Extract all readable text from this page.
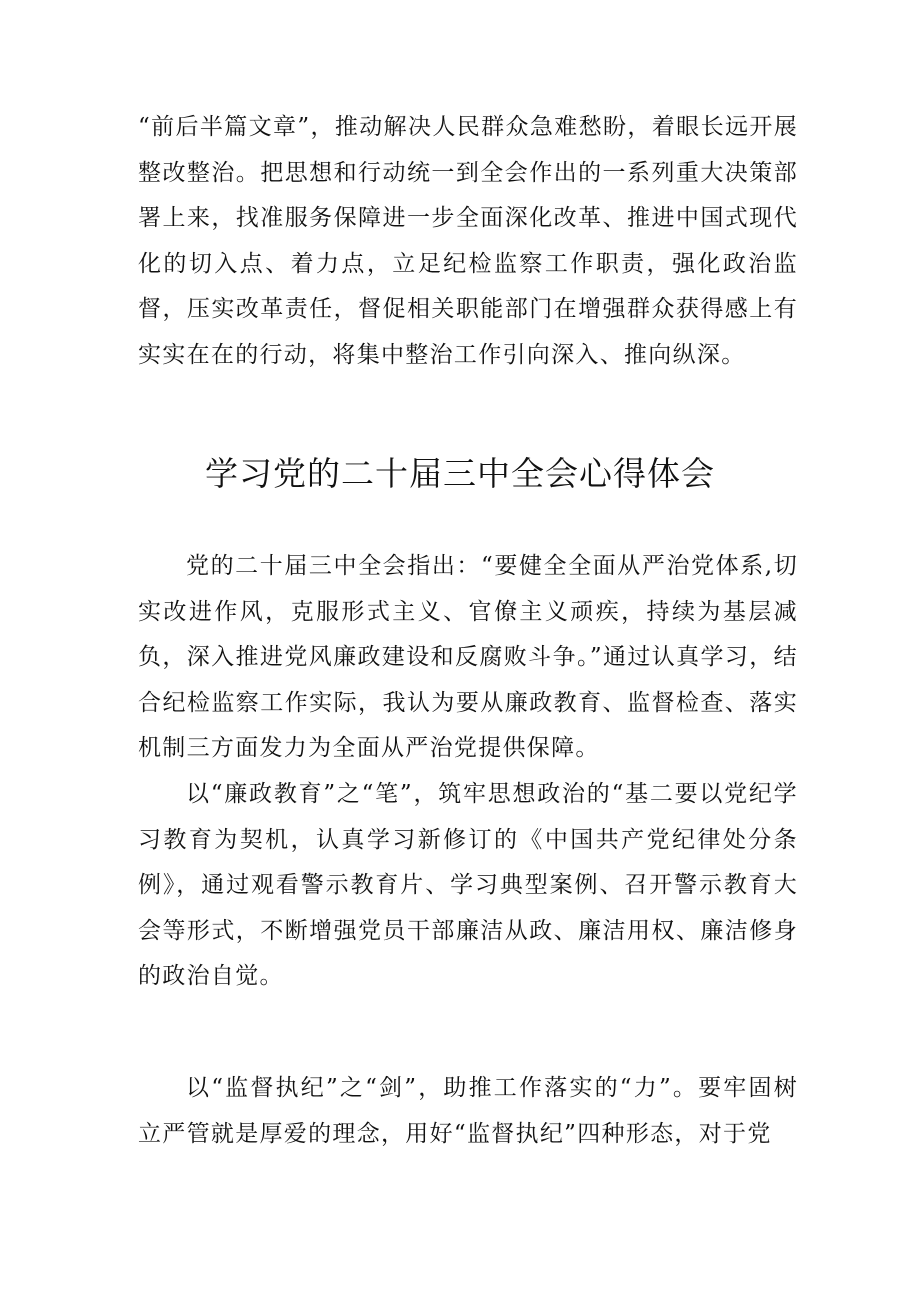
“前后半篇文章”，推动解决人民群众急难愁盼，着眼长远开展整改整治。把思想和行动统一到全会作出的一系列重大决策部署上来，找准服务保障进一步全面深化改革、推进中国式现代化的切入点、着力点，立足纪检监察工作职责，强化政治监督，压实改革责任，督促相关职能部门在增强群众获得感上有实实在在的行动，将集中整治工作引向深入、推向纵深。

学习党的二十届三中全会心得体会

党的二十届三中全会指出：“要健全全面从严治党体系,切实改进作风，克服形式主义、官僚主义顽疾，持续为基层减负，深入推进党风廉政建设和反腐败斗争。”通过认真学习，结合纪检监察工作实际，我认为要从廉政教育、监督检查、落实机制三方面发力为全面从严治党提供保障。

以“廉政教育”之“笔”，筑牢思想政治的“基二要以党纪学习教育为契机，认真学习新修订的《中国共产党纪律处分条例》，通过观看警示教育片、学习典型案例、召开警示教育大会等形式，不断增强党员干部廉洁从政、廉洁用权、廉洁修身的政治自觉。

以“监督执纪”之“剑”，助推工作落实的“力”。要牢固树立严管就是厚爱的理念，用好“监督执纪”四种形态，对于党
